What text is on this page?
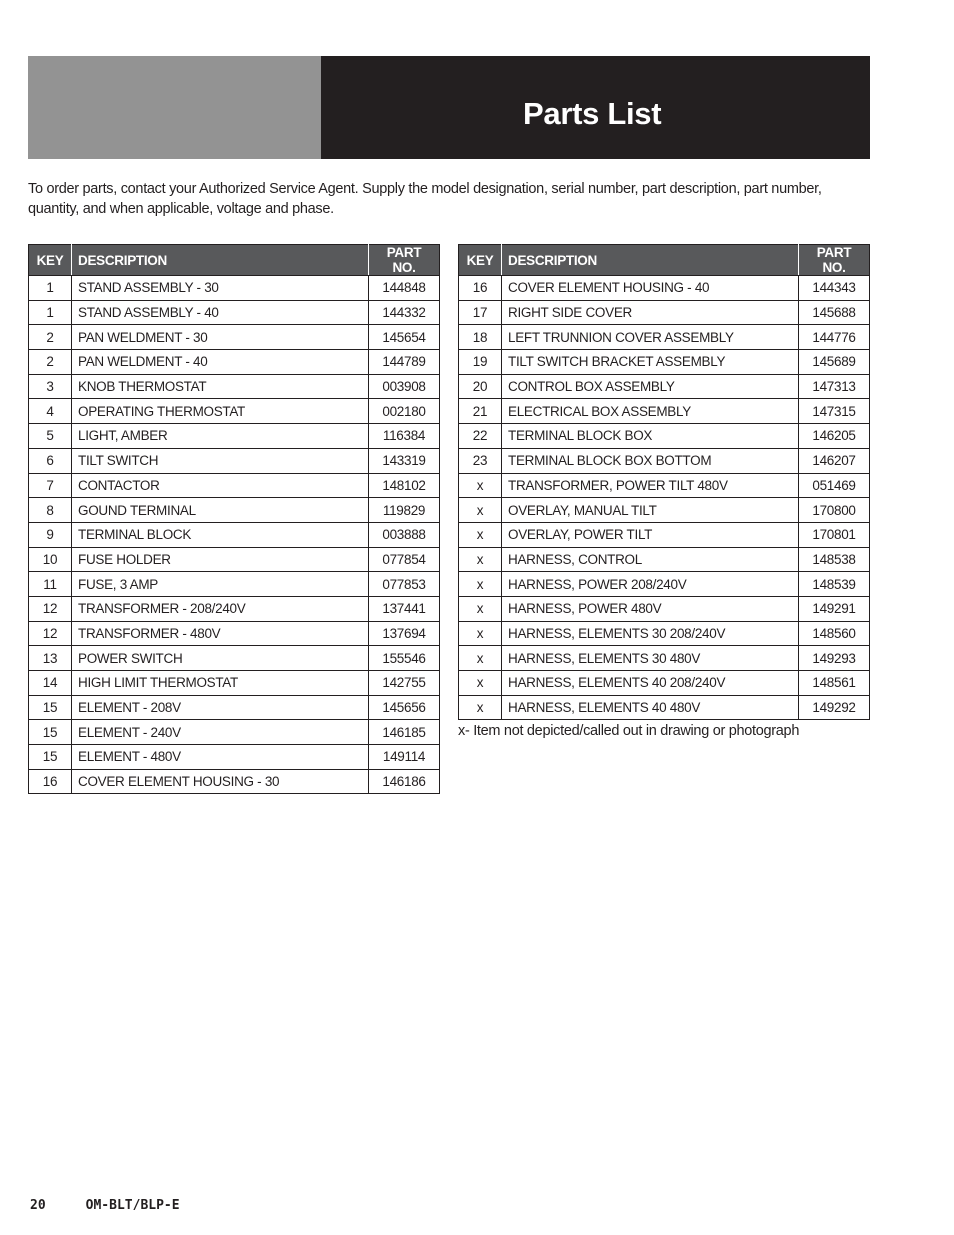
Parts List
To order parts, contact your Authorized Service Agent. Supply the model designation, serial number, part description, part number, quantity, and when applicable, voltage and phase.
KEY	DESCRIPTION	PART NO.
1	STAND ASSEMBLY - 30	144848
1	STAND ASSEMBLY - 40	144332
2	PAN WELDMENT - 30	145654
2	PAN WELDMENT - 40	144789
3	KNOB THERMOSTAT	003908
4	OPERATING THERMOSTAT	002180
5	LIGHT, AMBER	116384
6	TILT SWITCH	143319
7	CONTACTOR	148102
8	GOUND TERMINAL	119829
9	TERMINAL BLOCK	003888
10	FUSE HOLDER	077854
11	FUSE, 3 AMP	077853
12	TRANSFORMER - 208/240V	137441
12	TRANSFORMER - 480V	137694
13	POWER SWITCH	155546
14	HIGH LIMIT THERMOSTAT	142755
15	ELEMENT - 208V	145656
15	ELEMENT - 240V	146185
15	ELEMENT - 480V	149114
16	COVER ELEMENT HOUSING - 30	146186
KEY	DESCRIPTION	PART NO.
16	COVER ELEMENT HOUSING - 40	144343
17	RIGHT SIDE COVER	145688
18	LEFT TRUNNION COVER ASSEMBLY	144776
19	TILT SWITCH BRACKET ASSEMBLY	145689
20	CONTROL BOX ASSEMBLY	147313
21	ELECTRICAL BOX ASSEMBLY	147315
22	TERMINAL BLOCK BOX	146205
23	TERMINAL BLOCK BOX BOTTOM	146207
x	TRANSFORMER, POWER TILT 480V	051469
x	OVERLAY, MANUAL TILT	170800
x	OVERLAY, POWER TILT	170801
x	HARNESS, CONTROL	148538
x	HARNESS, POWER 208/240V	148539
x	HARNESS, POWER 480V	149291
x	HARNESS, ELEMENTS 30 208/240V	148560
x	HARNESS, ELEMENTS 30 480V	149293
x	HARNESS, ELEMENTS 40 208/240V	148561
x	HARNESS, ELEMENTS 40 480V	149292
x- Item not depicted/called out in drawing or photograph
20	OM-BLT/BLP-E
